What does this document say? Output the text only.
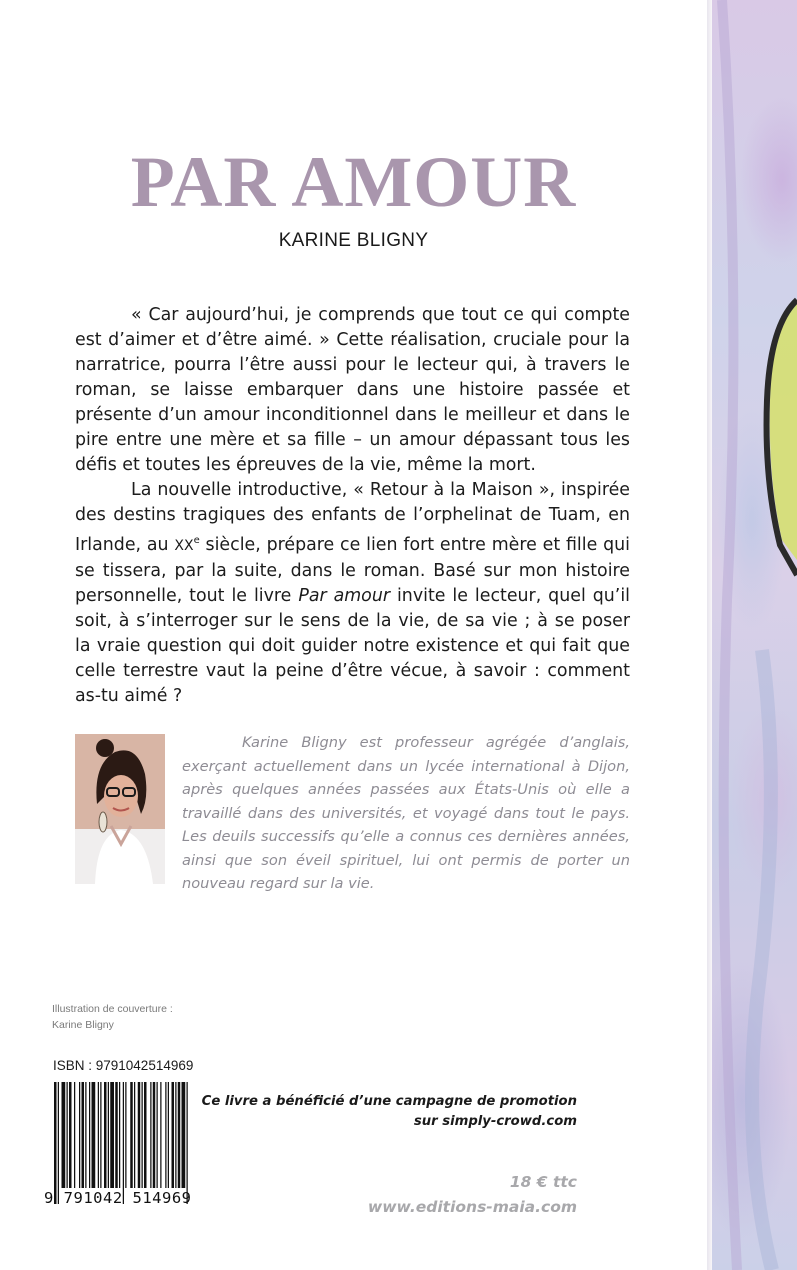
PAR AMOUR
KARINE BLIGNY

« Car aujourd’hui, je comprends que tout ce qui compte est d’aimer et d’être aimé. » Cette réalisation, cruciale pour la narratrice, pourra l’être aussi pour le lecteur qui, à travers le roman, se laisse embarquer dans une histoire passée et présente d’un amour inconditionnel dans le meilleur et dans le pire entre une mère et sa fille – un amour dépassant tous les défis et toutes les épreuves de la vie, même la mort.

La nouvelle introductive, « Retour à la Maison », inspirée des destins tragiques des enfants de l’orphelinat de Tuam, en Irlande, au XXe siècle, prépare ce lien fort entre mère et fille qui se tissera, par la suite, dans le roman. Basé sur mon histoire personnelle, tout le livre Par amour invite le lecteur, quel qu’il soit, à s’interroger sur le sens de la vie, de sa vie ; à se poser la vraie question qui doit guider notre existence et qui fait que celle terrestre vaut la peine d’être vécue, à savoir : comment as-tu aimé ?

Karine Bligny est professeur agrégée d’anglais, exerçant actuellement dans un lycée international à Dijon, après quelques années passées aux États-Unis où elle a travaillé dans des universités, et voyagé dans tout le pays. Les deuils successifs qu’elle a connus ces dernières années, ainsi que son éveil spirituel, lui ont permis de porter un nouveau regard sur la vie.

Illustration de couverture :
Karine Bligny
ISBN : 9791042514969
9 791042 514969
Ce livre a bénéficié d’une campagne de promotion
sur simply-crowd.com
18 € ttc
www.editions-maia.com
